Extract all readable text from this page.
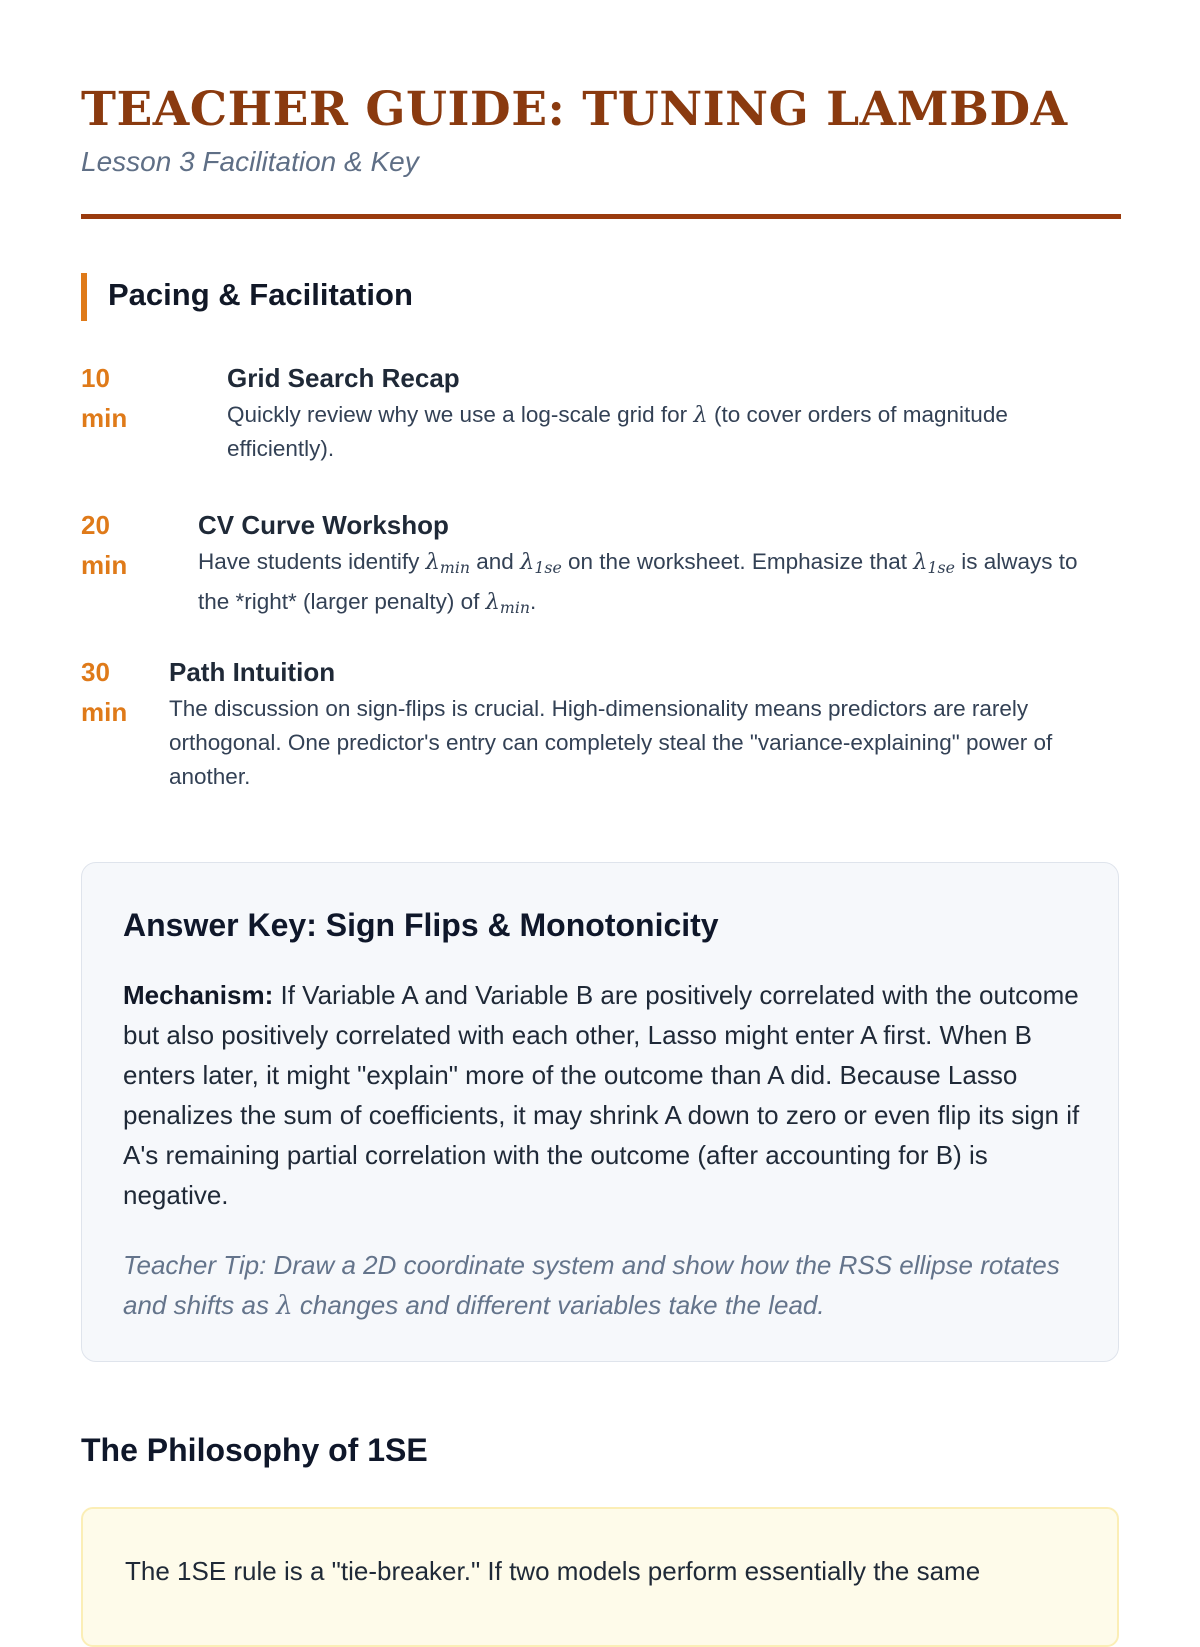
TEACHER GUIDE: TUNING LAMBDA
Lesson 3 Facilitation & Key
Pacing & Facilitation
10 min
Grid Search Recap
Quickly review why we use a log-scale grid for λ (to cover orders of magnitude efficiently).
20 min
CV Curve Workshop
Have students identify $\lambda_{min}$ and $\lambda_{1se}$ on the worksheet. Emphasize that $\lambda_{1se}$ is always to the *right* (larger penalty) of $\lambda_{min}$.
30 min
Path Intuition
The discussion on sign-flips is crucial. High-dimensionality means predictors are rarely orthogonal. One predictor's entry can completely steal the "variance-explaining" power of another.
Answer Key: Sign Flips & Monotonicity
Mechanism: If Variable A and Variable B are positively correlated with the outcome but also positively correlated with each other, Lasso might enter A first. When B enters later, it might "explain" more of the outcome than A did. Because Lasso penalizes the sum of coefficients, it may shrink A down to zero or even flip its sign if A's remaining partial correlation with the outcome (after accounting for B) is negative.
Teacher Tip: Draw a 2D coordinate system and show how the RSS ellipse rotates and shifts as λ changes and different variables take the lead.
The Philosophy of 1SE
The 1SE rule is a "tie-breaker." If two models perform essentially the same
